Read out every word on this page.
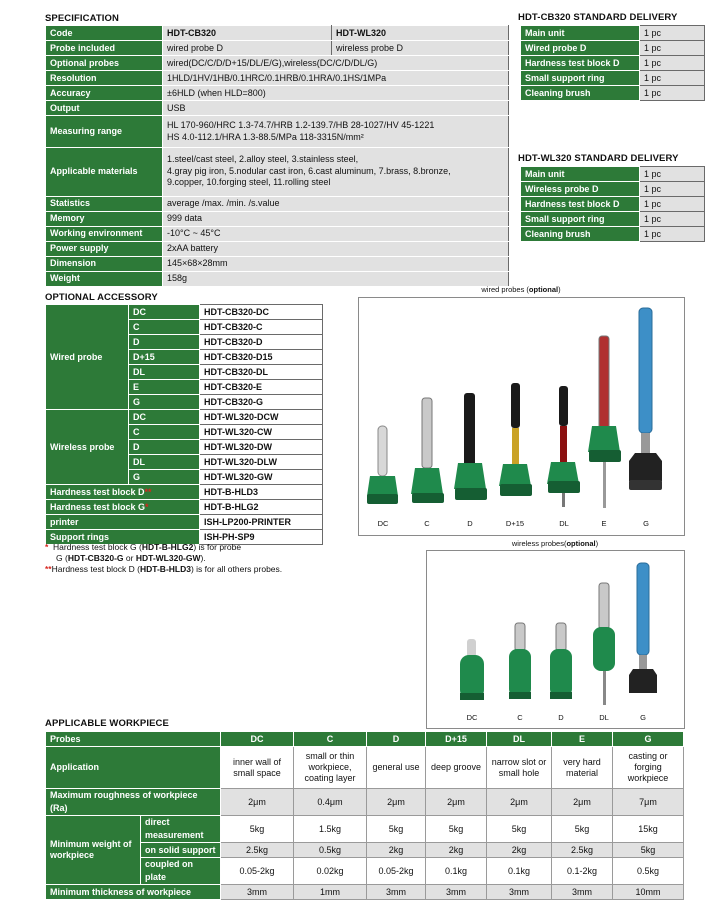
SPECIFICATION
Code	HDT-CB320	HDT-WL320
Probe included	wired probe D	wireless probe D
Optional probes	wired(DC/C/D/D+15/DL/E/G),wireless(DC/C/D/DL/G)	
Resolution	1HLD/1HV/1HB/0.1HRC/0.1HRB/0.1HRA/0.1HS/1MPa	
Accuracy	±6HLD (when HLD=800)	
Output	USB	
Measuring range	HL 170-960/HRC 1.3-74.7/HRB 1.2-139.7/HB 28-1027/HV 45-1221
HS 4.0-112.1/HRA 1.3-88.5/MPa 118-3315N/mm²	
Applicable materials	1.steel/cast steel, 2.alloy steel, 3.stainless steel,
4.gray pig iron, 5.nodular cast iron, 6.cast aluminum, 7.brass, 8.bronze,
9.copper, 10.forging steel, 11.rolling steel	
Statistics	average /max. /min. /s.value	
Memory	999 data	
Working environment	-10°C ~ 45°C	
Power supply	2xAA battery	
Dimension	145×68×28mm	
Weight	158g	
HDT-CB320 STANDARD DELIVERY
Main unit	1 pc
Wired probe D	1 pc
Hardness test block D	1 pc
Small support ring	1 pc
Cleaning brush	1 pc
HDT-WL320 STANDARD DELIVERY
Main unit	1 pc
Wireless probe D	1 pc
Hardness test block D	1 pc
Small support ring	1 pc
Cleaning brush	1 pc
OPTIONAL ACCESSORY
Wired probe	DC	HDT-CB320-DC
	C	HDT-CB320-C
	D	HDT-CB320-D
	D+15	HDT-CB320-D15
	DL	HDT-CB320-DL
	E	HDT-CB320-E
	G	HDT-CB320-G
Wireless probe	DC	HDT-WL320-DCW
	C	HDT-WL320-CW
	D	HDT-WL320-DW
	DL	HDT-WL320-DLW
	G	HDT-WL320-GW
Hardness test block D**		HDT-B-HLD3
Hardness test block G*		HDT-B-HLG2
printer		ISH-LP200-PRINTER
Support rings		ISH-PH-SP9
* Hardness test block G (HDT-B-HLG2) is for probe
G (HDT-CB320-G or HDT-WL320-GW).
**Hardness test block D (HDT-B-HLD3) is for all others probes.
wired probes (optional)
DC	C	D	D+15	DL	E	G
wireless probes(optional)
DC	C	D	DL	G
APPLICABLE WORKPIECE
Probes		DC	C	D	D+15	DL	E	G
Application		inner wall of small space	small or thin workpiece, coating layer	general use	deep groove	narrow slot or small hole	very hard material	casting or forging workpiece
Maximum roughness of workpiece (Ra)		2μm	0.4μm	2μm	2μm	2μm	2μm	7μm
Minimum weight of workpiece	direct measurement	5kg	1.5kg	5kg	5kg	5kg	5kg	15kg
	on solid support	2.5kg	0.5kg	2kg	2kg	2kg	2.5kg	5kg
	coupled on plate	0.05-2kg	0.02kg	0.05-2kg	0.1kg	0.1kg	0.1-2kg	0.5kg
Minimum thickness of workpiece		3mm	1mm	3mm	3mm	3mm	3mm	10mm
